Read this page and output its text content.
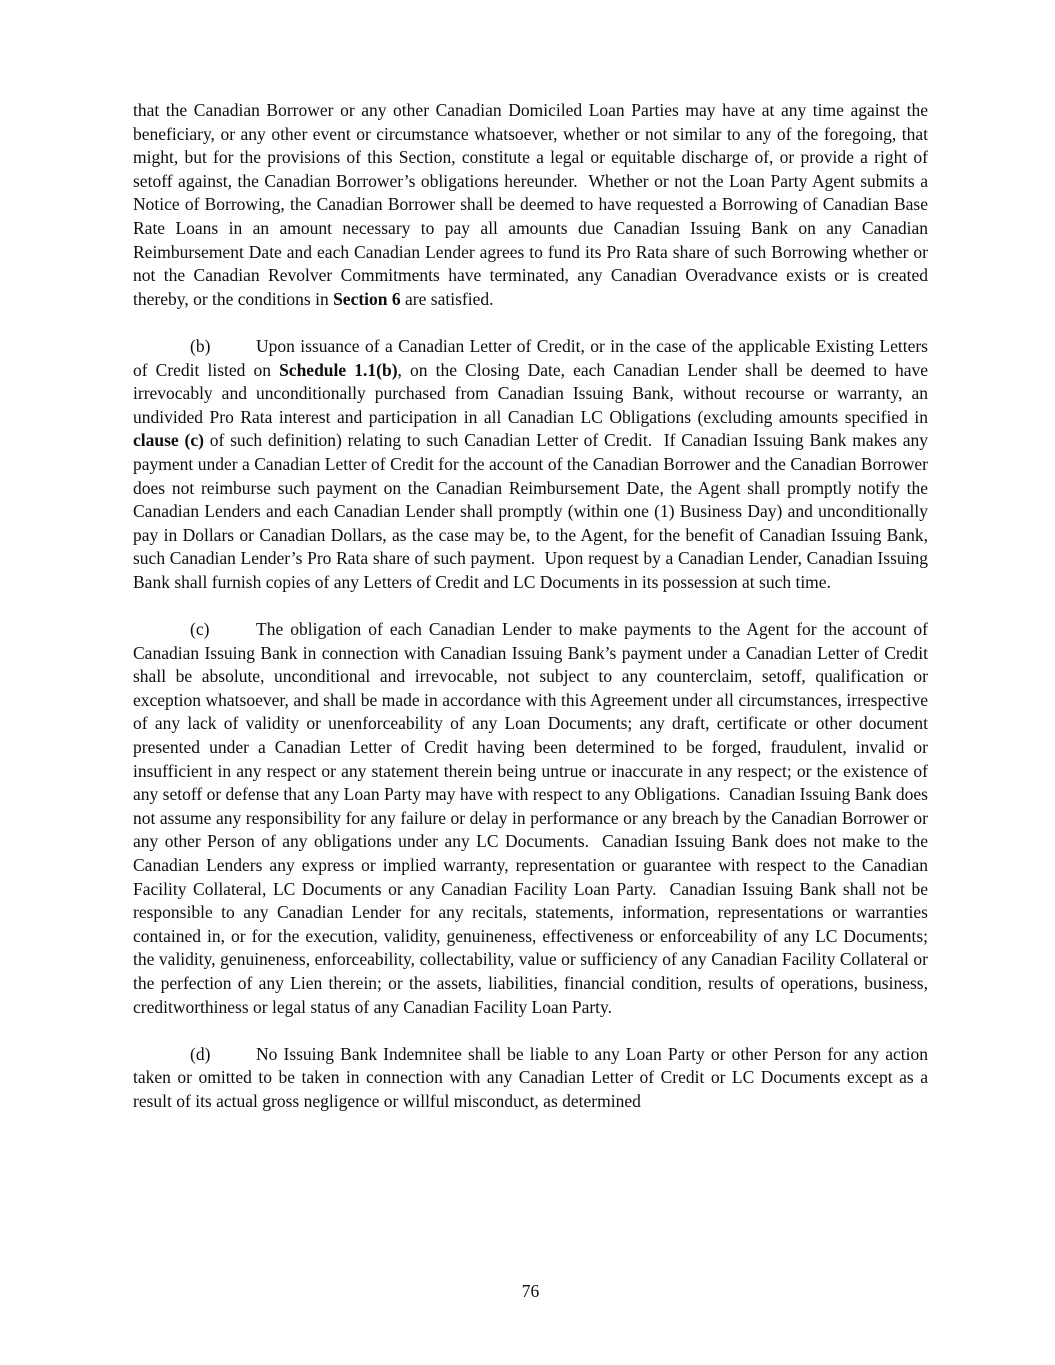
that the Canadian Borrower or any other Canadian Domiciled Loan Parties may have at any time against the beneficiary, or any other event or circumstance whatsoever, whether or not similar to any of the foregoing, that might, but for the provisions of this Section, constitute a legal or equitable discharge of, or provide a right of setoff against, the Canadian Borrower’s obligations hereunder.  Whether or not the Loan Party Agent submits a Notice of Borrowing, the Canadian Borrower shall be deemed to have requested a Borrowing of Canadian Base Rate Loans in an amount necessary to pay all amounts due Canadian Issuing Bank on any Canadian Reimbursement Date and each Canadian Lender agrees to fund its Pro Rata share of such Borrowing whether or not the Canadian Revolver Commitments have terminated, any Canadian Overadvance exists or is created thereby, or the conditions in Section 6 are satisfied.

(b)	Upon issuance of a Canadian Letter of Credit, or in the case of the applicable Existing Letters of Credit listed on Schedule 1.1(b), on the Closing Date, each Canadian Lender shall be deemed to have irrevocably and unconditionally purchased from Canadian Issuing Bank, without recourse or warranty, an undivided Pro Rata interest and participation in all Canadian LC Obligations (excluding amounts specified in clause (c) of such definition) relating to such Canadian Letter of Credit.  If Canadian Issuing Bank makes any payment under a Canadian Letter of Credit for the account of the Canadian Borrower and the Canadian Borrower does not reimburse such payment on the Canadian Reimbursement Date, the Agent shall promptly notify the Canadian Lenders and each Canadian Lender shall promptly (within one (1) Business Day) and unconditionally pay in Dollars or Canadian Dollars, as the case may be, to the Agent, for the benefit of Canadian Issuing Bank, such Canadian Lender’s Pro Rata share of such payment.  Upon request by a Canadian Lender, Canadian Issuing Bank shall furnish copies of any Letters of Credit and LC Documents in its possession at such time.

(c)	The obligation of each Canadian Lender to make payments to the Agent for the account of Canadian Issuing Bank in connection with Canadian Issuing Bank’s payment under a Canadian Letter of Credit shall be absolute, unconditional and irrevocable, not subject to any counterclaim, setoff, qualification or exception whatsoever, and shall be made in accordance with this Agreement under all circumstances, irrespective of any lack of validity or unenforceability of any Loan Documents; any draft, certificate or other document presented under a Canadian Letter of Credit having been determined to be forged, fraudulent, invalid or insufficient in any respect or any statement therein being untrue or inaccurate in any respect; or the existence of any setoff or defense that any Loan Party may have with respect to any Obligations.  Canadian Issuing Bank does not assume any responsibility for any failure or delay in performance or any breach by the Canadian Borrower or any other Person of any obligations under any LC Documents.  Canadian Issuing Bank does not make to the Canadian Lenders any express or implied warranty, representation or guarantee with respect to the Canadian Facility Collateral, LC Documents or any Canadian Facility Loan Party.  Canadian Issuing Bank shall not be responsible to any Canadian Lender for any recitals, statements, information, representations or warranties contained in, or for the execution, validity, genuineness, effectiveness or enforceability of any LC Documents; the validity, genuineness, enforceability, collectability, value or sufficiency of any Canadian Facility Collateral or the perfection of any Lien therein; or the assets, liabilities, financial condition, results of operations, business, creditworthiness or legal status of any Canadian Facility Loan Party.

(d)	No Issuing Bank Indemnitee shall be liable to any Loan Party or other Person for any action taken or omitted to be taken in connection with any Canadian Letter of Credit or LC Documents except as a result of its actual gross negligence or willful misconduct, as determined

76
